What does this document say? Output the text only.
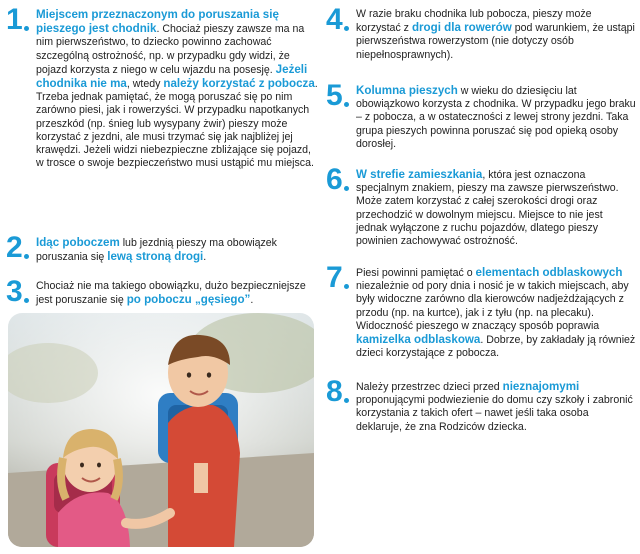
1	Miejscem przeznaczonym do poruszania się pieszego jest chodnik. Chociaż pieszy zawsze ma na nim pierwszeństwo, to dziecko powinno zachować szczególną ostrożność, np. w przypadku gdy widzi, że pojazd korzysta z niego w celu wjazdu na posesję. Jeżeli chodnika nie ma, wtedy należy korzystać z pobocza. Trzeba jednak pamiętać, że mogą poruszać się po nim zarówno piesi, jak i rowerzyści. W przypadku napotkanych przeszkód (np. śnieg lub wysypany żwir) pieszy może korzystać z jezdni, ale musi trzymać się jak najbliżej jej krawędzi. Jeżeli widzi niebezpieczne zbliżające się pojazd, w trosce o swoje bezpieczeństwo musi ustąpić mu miejsca.
2	Idąc poboczem lub jezdnią pieszy ma obowiązek poruszania się lewą stroną drogi.
3	Chociaż nie ma takiego obowiązku, dużo bezpieczniejsze jest poruszanie się po poboczu „gęsiego”.
4	W razie braku chodnika lub pobocza, pieszy może korzystać z drogi dla rowerów pod warunkiem, że ustąpi pierwszeństwa rowerzystom (nie dotyczy osób niepełnosprawnych).
5	Kolumna pieszych w wieku do dziesięciu lat obowiązkowo korzysta z chodnika. W przypadku jego braku – z pobocza, a w ostateczności z lewej strony jezdni. Taka grupa pieszych powinna poruszać się pod opieką osoby dorosłej.
6	W strefie zamieszkania, która jest oznaczona specjalnym znakiem, pieszy ma zawsze pierwszeństwo. Może zatem korzystać z całej szerokości drogi oraz przechodzić w dowolnym miejscu. Miejsce to nie jest jednak wyłączone z ruchu pojazdów, dlatego pieszy powinien zachowywać ostrożność.
7	Piesi powinni pamiętać o elementach odblaskowych niezależnie od pory dnia i nosić je w takich miejscach, aby były widoczne zarówno dla kierowców nadjeżdżających z przodu (np. na kurtce), jak i z tyłu (np. na plecaku). Widoczność pieszego w znaczący sposób poprawia kamizelka odblaskowa. Dobrze, by zakładały ją również dzieci korzystające z pobocza.
8	Należy przestrzec dzieci przed nieznajomymi proponującymi podwiezienie do domu czy szkoły i zabronić korzystania z takich ofert – nawet jeśli taka osoba deklaruje, że zna Rodziców dziecka.
